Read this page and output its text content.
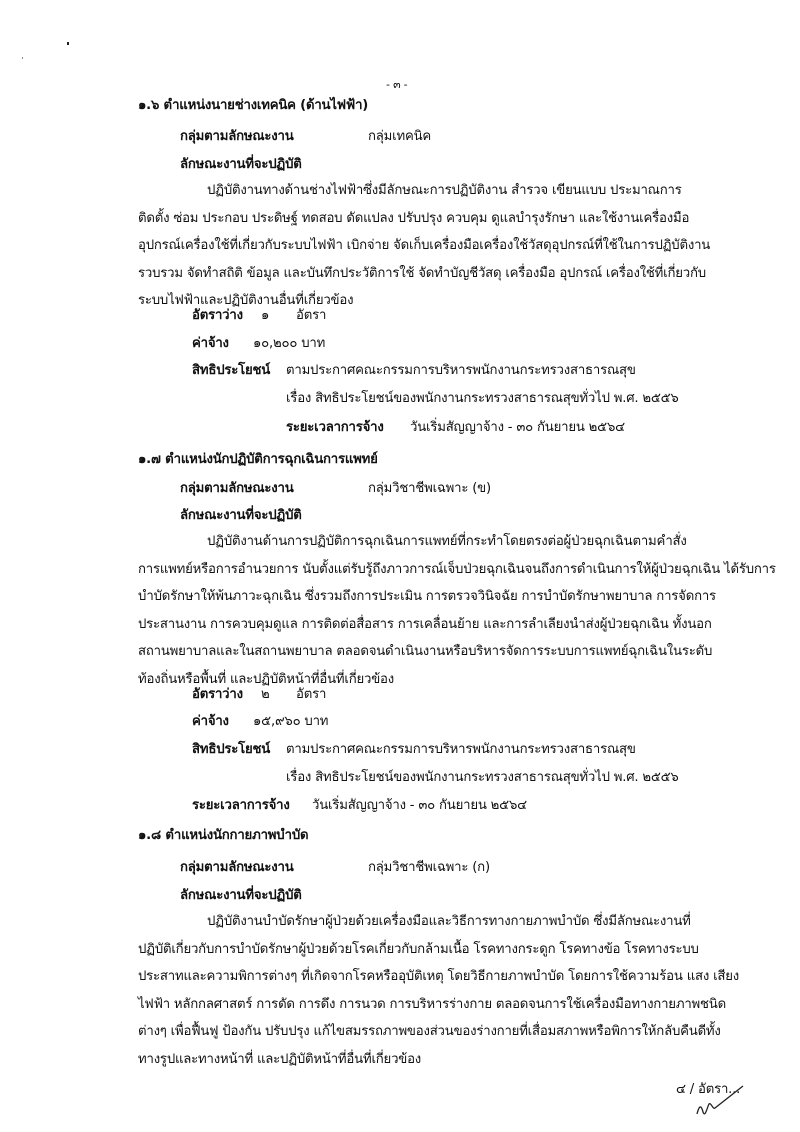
- ๓ -
๑.๖ ตำแหน่งนายช่างเทคนิค (ด้านไฟฟ้า)
กลุ่มตามลักษณะงาน	กลุ่มเทคนิค
ลักษณะงานที่จะปฏิบัติ
ปฏิบัติงานทางด้านช่างไฟฟ้าซึ่งมีลักษณะการปฏิบัติงาน สำรวจ เขียนแบบ ประมาณการ
ติดตั้ง ซ่อม ประกอบ ประดิษฐ์ ทดสอบ ดัดแปลง ปรับปรุง ควบคุม ดูแลบำรุงรักษา และใช้งานเครื่องมือ
อุปกรณ์เครื่องใช้ที่เกี่ยวกับระบบไฟฟ้า เบิกจ่าย จัดเก็บเครื่องมือเครื่องใช้วัสดุอุปกรณ์ที่ใช้ในการปฏิบัติงาน
รวบรวม จัดทำสถิติ ข้อมูล และบันทึกประวัติการใช้ จัดทำบัญชีวัสดุ เครื่องมือ อุปกรณ์ เครื่องใช้ที่เกี่ยวกับ
ระบบไฟฟ้าและปฏิบัติงานอื่นที่เกี่ยวข้อง
อัตราว่าง ๑ อัตรา
ค่าจ้าง ๑๐,๒๐๐ บาท
สิทธิประโยชน์ ตามประกาศคณะกรรมการบริหารพนักงานกระทรวงสาธารณสุข
เรื่อง สิทธิประโยชน์ของพนักงานกระทรวงสาธารณสุขทั่วไป พ.ศ. ๒๕๕๖
ระยะเวลาการจ้าง วันเริ่มสัญญาจ้าง - ๓๐ กันยายน ๒๕๖๔
๑.๗ ตำแหน่งนักปฏิบัติการฉุกเฉินการแพทย์
กลุ่มตามลักษณะงาน	กลุ่มวิชาชีพเฉพาะ (ข)
ลักษณะงานที่จะปฏิบัติ
ปฏิบัติงานด้านการปฏิบัติการฉุกเฉินการแพทย์ที่กระทำโดยตรงต่อผู้ป่วยฉุกเฉินตามคำสั่ง
การแพทย์หรือการอำนวยการ นับตั้งแต่รับรู้ถึงภาวการณ์เจ็บป่วยฉุกเฉินจนถึงการดำเนินการให้ผู้ป่วยฉุกเฉิน ได้รับการ
บำบัดรักษาให้พ้นภาวะฉุกเฉิน ซึ่งรวมถึงการประเมิน การตรวจวินิจฉัย การบำบัดรักษาพยาบาล การจัดการ
ประสานงาน การควบคุมดูแล การติดต่อสื่อสาร การเคลื่อนย้าย และการลำเลียงนำส่งผู้ป่วยฉุกเฉิน ทั้งนอก
สถานพยาบาลและในสถานพยาบาล ตลอดจนดำเนินงานหรือบริหารจัดการระบบการแพทย์ฉุกเฉินในระดับ
ท้องถิ่นหรือพื้นที่ และปฏิบัติหน้าที่อื่นที่เกี่ยวข้อง
อัตราว่าง ๒ อัตรา
ค่าจ้าง ๑๕,๙๖๐ บาท
สิทธิประโยชน์ ตามประกาศคณะกรรมการบริหารพนักงานกระทรวงสาธารณสุข
เรื่อง สิทธิประโยชน์ของพนักงานกระทรวงสาธารณสุขทั่วไป พ.ศ. ๒๕๕๖
ระยะเวลาการจ้าง วันเริ่มสัญญาจ้าง - ๓๐ กันยายน ๒๕๖๔
๑.๘ ตำแหน่งนักกายภาพบำบัด
กลุ่มตามลักษณะงาน	กลุ่มวิชาชีพเฉพาะ (ก)
ลักษณะงานที่จะปฏิบัติ
ปฏิบัติงานบำบัดรักษาผู้ป่วยด้วยเครื่องมือและวิธีการทางกายภาพบำบัด ซึ่งมีลักษณะงานที่
ปฏิบัติเกี่ยวกับการบำบัดรักษาผู้ป่วยด้วยโรคเกี่ยวกับกล้ามเนื้อ โรคทางกระดูก โรคทางข้อ โรคทางระบบ
ประสาทและความพิการต่างๆ ที่เกิดจากโรคหรืออุบัติเหตุ โดยวิธีกายภาพบำบัด โดยการใช้ความร้อน แสง เสียง
ไฟฟ้า หลักกลศาสตร์ การดัด การดึง การนวด การบริหารร่างกาย ตลอดจนการใช้เครื่องมือทางกายภาพชนิด
ต่างๆ เพื่อฟื้นฟู ป้องกัน ปรับปรุง แก้ไขสมรรถภาพของส่วนของร่างกายที่เสื่อมสภาพหรือพิการให้กลับคืนดีทั้ง
ทางรูปและทางหน้าที่ และปฏิบัติหน้าที่อื่นที่เกี่ยวข้อง
๔ / อัตรา...
